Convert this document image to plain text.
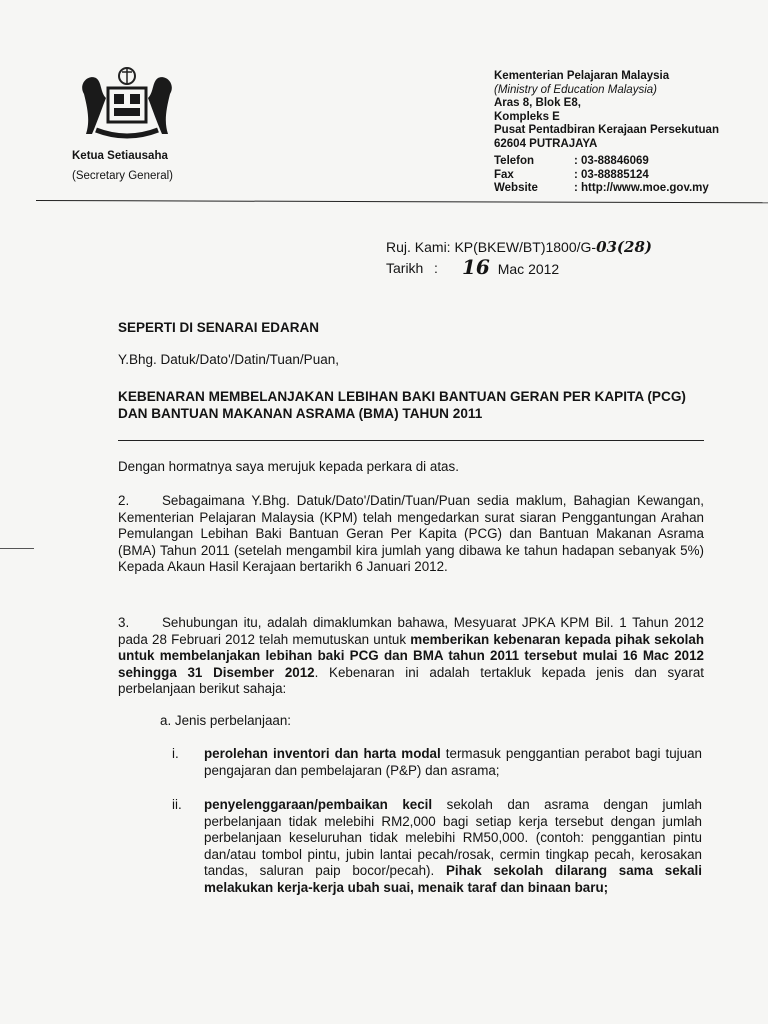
Ketua Setiausaha
(Secretary General)
Kementerian Pelajaran Malaysia
(Ministry of Education Malaysia)
Aras 8, Blok E8,
Kompleks E
Pusat Pentadbiran Kerajaan Persekutuan
62604 PUTRAJAYA
Telefon	: 03-88846069
Fax	: 03-88885124
Website	: http://www.moe.gov.my
Ruj. Kami: KP(BKEW/BT)1800/G-03(28)
Tarikh	:	16 Mac 2012
SEPERTI DI SENARAI EDARAN
Y.Bhg. Datuk/Dato'/Datin/Tuan/Puan,
KEBENARAN MEMBELANJAKAN LEBIHAN BAKI BANTUAN GERAN PER KAPITA (PCG) DAN BANTUAN MAKANAN ASRAMA (BMA) TAHUN 2011
Dengan hormatnya saya merujuk kepada perkara di atas.
2. Sebagaimana Y.Bhg. Datuk/Dato'/Datin/Tuan/Puan sedia maklum, Bahagian Kewangan, Kementerian Pelajaran Malaysia (KPM) telah mengedarkan surat siaran Penggantungan Arahan Pemulangan Lebihan Baki Bantuan Geran Per Kapita (PCG) dan Bantuan Makanan Asrama (BMA) Tahun 2011 (setelah mengambil kira jumlah yang dibawa ke tahun hadapan sebanyak 5%) Kepada Akaun Hasil Kerajaan bertarikh 6 Januari 2012.
3. Sehubungan itu, adalah dimaklumkan bahawa, Mesyuarat JPKA KPM Bil. 1 Tahun 2012 pada 28 Februari 2012 telah memutuskan untuk memberikan kebenaran kepada pihak sekolah untuk membelanjakan lebihan baki PCG dan BMA tahun 2011 tersebut mulai 16 Mac 2012 sehingga 31 Disember 2012. Kebenaran ini adalah tertakluk kepada jenis dan syarat perbelanjaan berikut sahaja:
a. Jenis perbelanjaan:
i. perolehan inventori dan harta modal termasuk penggantian perabot bagi tujuan pengajaran dan pembelajaran (P&P) dan asrama;
ii. penyelenggaraan/pembaikan kecil sekolah dan asrama dengan jumlah perbelanjaan tidak melebihi RM2,000 bagi setiap kerja tersebut dengan jumlah perbelanjaan keseluruhan tidak melebihi RM50,000. (contoh: penggantian pintu dan/atau tombol pintu, jubin lantai pecah/rosak, cermin tingkap pecah, kerosakan tandas, saluran paip bocor/pecah). Pihak sekolah dilarang sama sekali melakukan kerja-kerja ubah suai, menaik taraf dan binaan baru;
